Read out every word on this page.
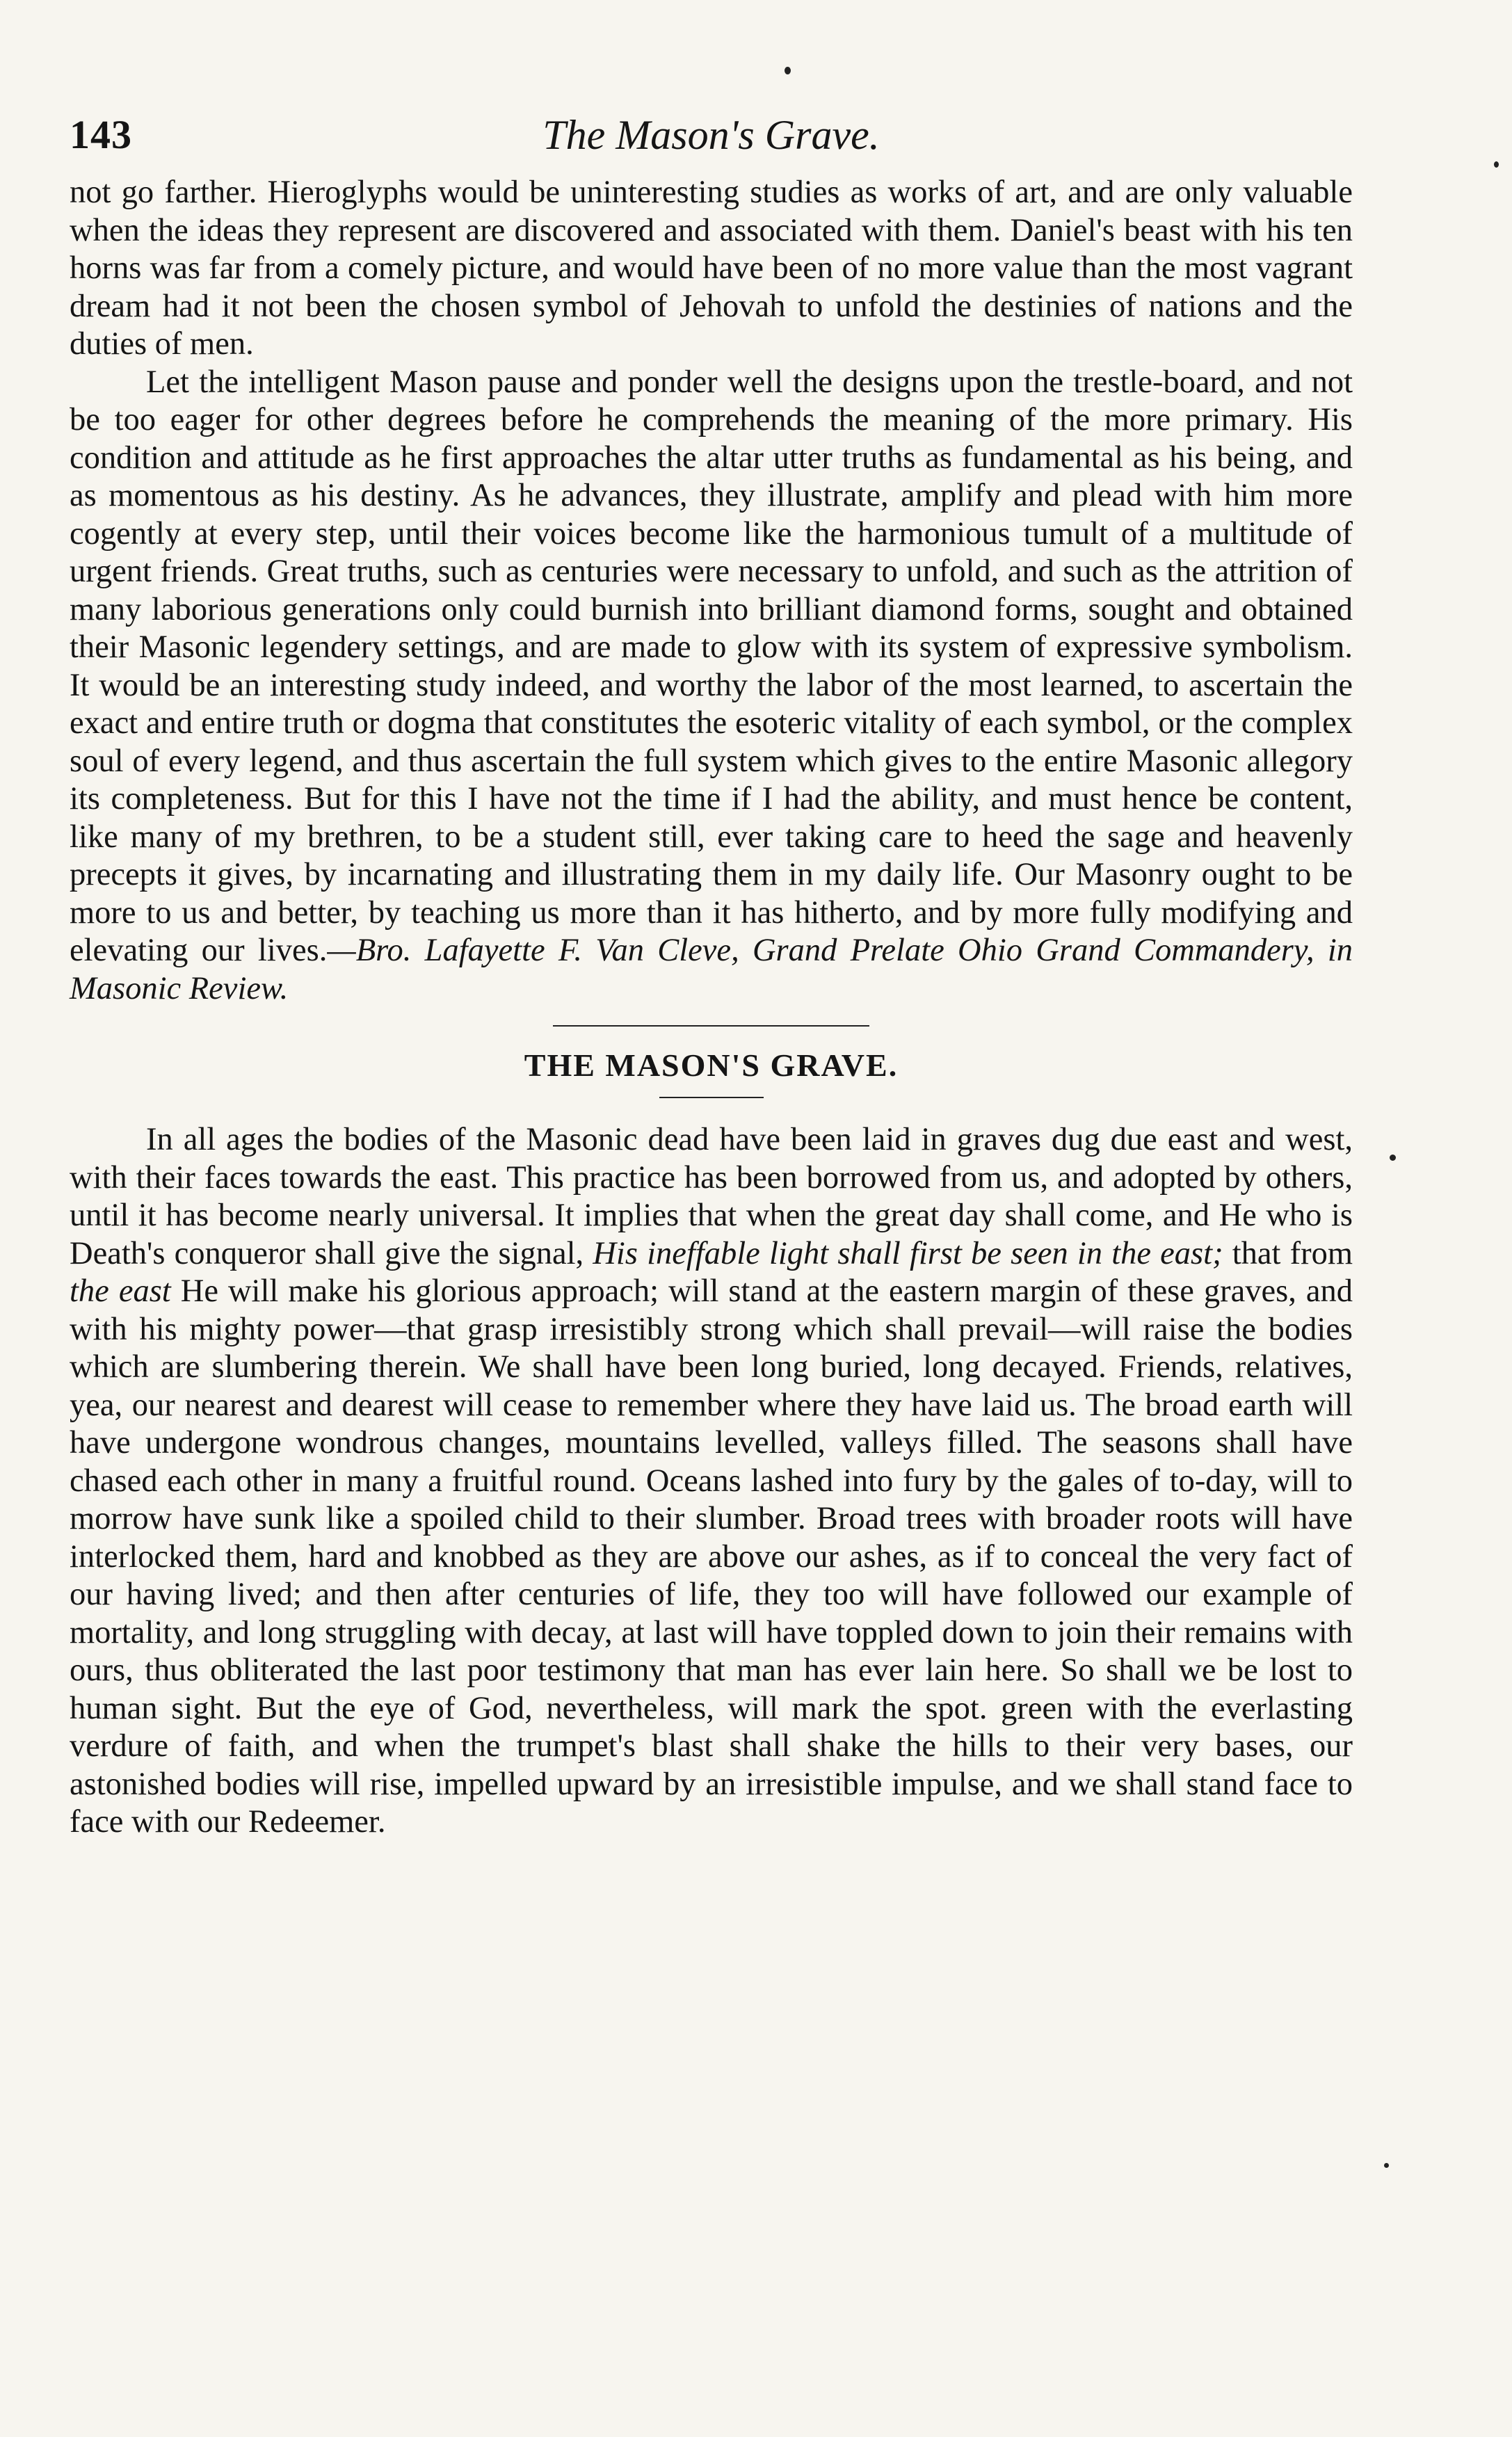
143	The Mason's Grave.

not go farther. Hieroglyphs would be uninteresting studies as works of art, and are only valuable when the ideas they represent are discovered and associated with them. Daniel's beast with his ten horns was far from a comely picture, and would have been of no more value than the most vagrant dream had it not been the chosen symbol of Jehovah to unfold the destinies of nations and the duties of men.

Let the intelligent Mason pause and ponder well the designs upon the trestle-board, and not be too eager for other degrees before he comprehends the meaning of the more primary. His condition and attitude as he first approaches the altar utter truths as fundamental as his being, and as momentous as his destiny. As he advances, they illustrate, amplify and plead with him more cogently at every step, until their voices become like the harmonious tumult of a multitude of urgent friends. Great truths, such as centuries were necessary to unfold, and such as the attrition of many laborious generations only could burnish into brilliant diamond forms, sought and obtained their Masonic legendery settings, and are made to glow with its system of expressive symbolism. It would be an interesting study indeed, and worthy the labor of the most learned, to ascertain the exact and entire truth or dogma that constitutes the esoteric vitality of each symbol, or the complex soul of every legend, and thus ascertain the full system which gives to the entire Masonic allegory its completeness. But for this I have not the time if I had the ability, and must hence be content, like many of my brethren, to be a student still, ever taking care to heed the sage and heavenly precepts it gives, by incarnating and illustrating them in my daily life. Our Masonry ought to be more to us and better, by teaching us more than it has hitherto, and by more fully modifying and elevating our lives.—Bro. Lafayette F. Van Cleve, Grand Prelate Ohio Grand Commandery, in Masonic Review.

THE MASON'S GRAVE.

In all ages the bodies of the Masonic dead have been laid in graves dug due east and west, with their faces towards the east. This practice has been borrowed from us, and adopted by others, until it has become nearly universal. It implies that when the great day shall come, and He who is Death's conqueror shall give the signal, His ineffable light shall first be seen in the east; that from the east He will make his glorious approach; will stand at the eastern margin of these graves, and with his mighty power—that grasp irresistibly strong which shall prevail—will raise the bodies which are slumbering therein. We shall have been long buried, long decayed. Friends, relatives, yea, our nearest and dearest will cease to remember where they have laid us. The broad earth will have undergone wondrous changes, mountains levelled, valleys filled. The seasons shall have chased each other in many a fruitful round. Oceans lashed into fury by the gales of to-day, will to morrow have sunk like a spoiled child to their slumber. Broad trees with broader roots will have interlocked them, hard and knobbed as they are above our ashes, as if to conceal the very fact of our having lived; and then after centuries of life, they too will have followed our example of mortality, and long struggling with decay, at last will have toppled down to join their remains with ours, thus obliterated the last poor testimony that man has ever lain here. So shall we be lost to human sight. But the eye of God, nevertheless, will mark the spot. green with the everlasting verdure of faith, and when the trumpet's blast shall shake the hills to their very bases, our astonished bodies will rise, impelled upward by an irresistible impulse, and we shall stand face to face with our Redeemer.
